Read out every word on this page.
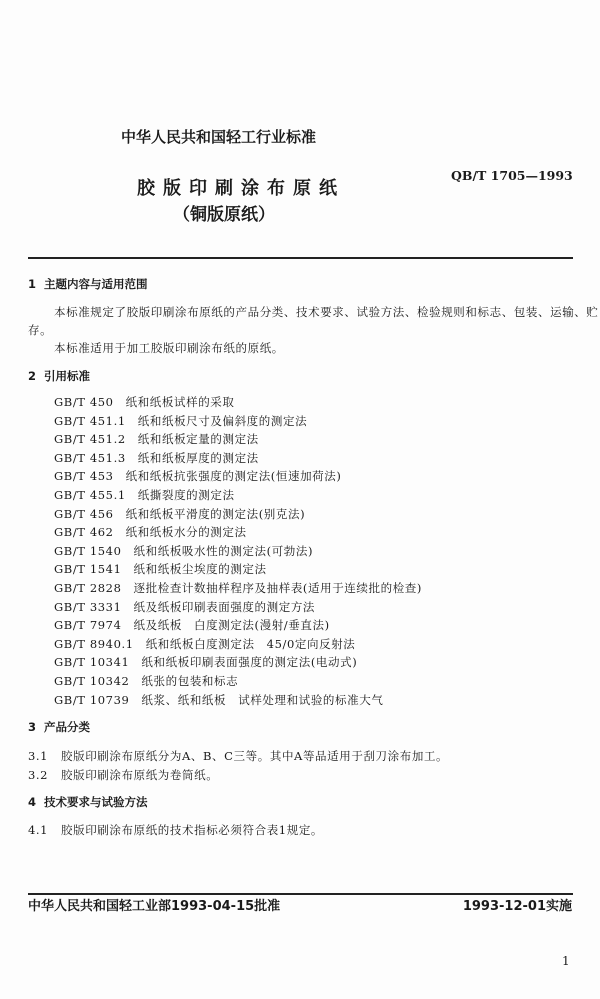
中华人民共和国轻工行业标准
QB/T 1705—1993
胶版印刷涂布原纸
（铜版原纸）
1  主题内容与适用范围
本标准规定了胶版印刷涂布原纸的产品分类、技术要求、试验方法、检验规则和标志、包装、运输、贮
存。
本标准适用于加工胶版印刷涂布纸的原纸。
2  引用标准
GB/T 450 纸和纸板试样的采取
GB/T 451.1 纸和纸板尺寸及偏斜度的测定法
GB/T 451.2 纸和纸板定量的测定法
GB/T 451.3 纸和纸板厚度的测定法
GB/T 453 纸和纸板抗张强度的测定法(恒速加荷法)
GB/T 455.1 纸撕裂度的测定法
GB/T 456 纸和纸板平滑度的测定法(别克法)
GB/T 462 纸和纸板水分的测定法
GB/T 1540 纸和纸板吸水性的测定法(可勃法)
GB/T 1541 纸和纸板尘埃度的测定法
GB/T 2828 逐批检查计数抽样程序及抽样表(适用于连续批的检查)
GB/T 3331 纸及纸板印刷表面强度的测定方法
GB/T 7974 纸及纸板　白度测定法(漫射/垂直法)
GB/T 8940.1 纸和纸板白度测定法　45/0定向反射法
GB/T 10341 纸和纸板印刷表面强度的测定法(电动式)
GB/T 10342 纸张的包装和标志
GB/T 10739 纸浆、纸和纸板　试样处理和试验的标准大气
3  产品分类
3.1 胶版印刷涂布原纸分为A、B、C三等。其中A等品适用于刮刀涂布加工。
3.2 胶版印刷涂布原纸为卷筒纸。
4  技术要求与试验方法
4.1 胶版印刷涂布原纸的技术指标必须符合表1规定。
中华人民共和国轻工业部1993-04-15批准	1993-12-01实施
1
